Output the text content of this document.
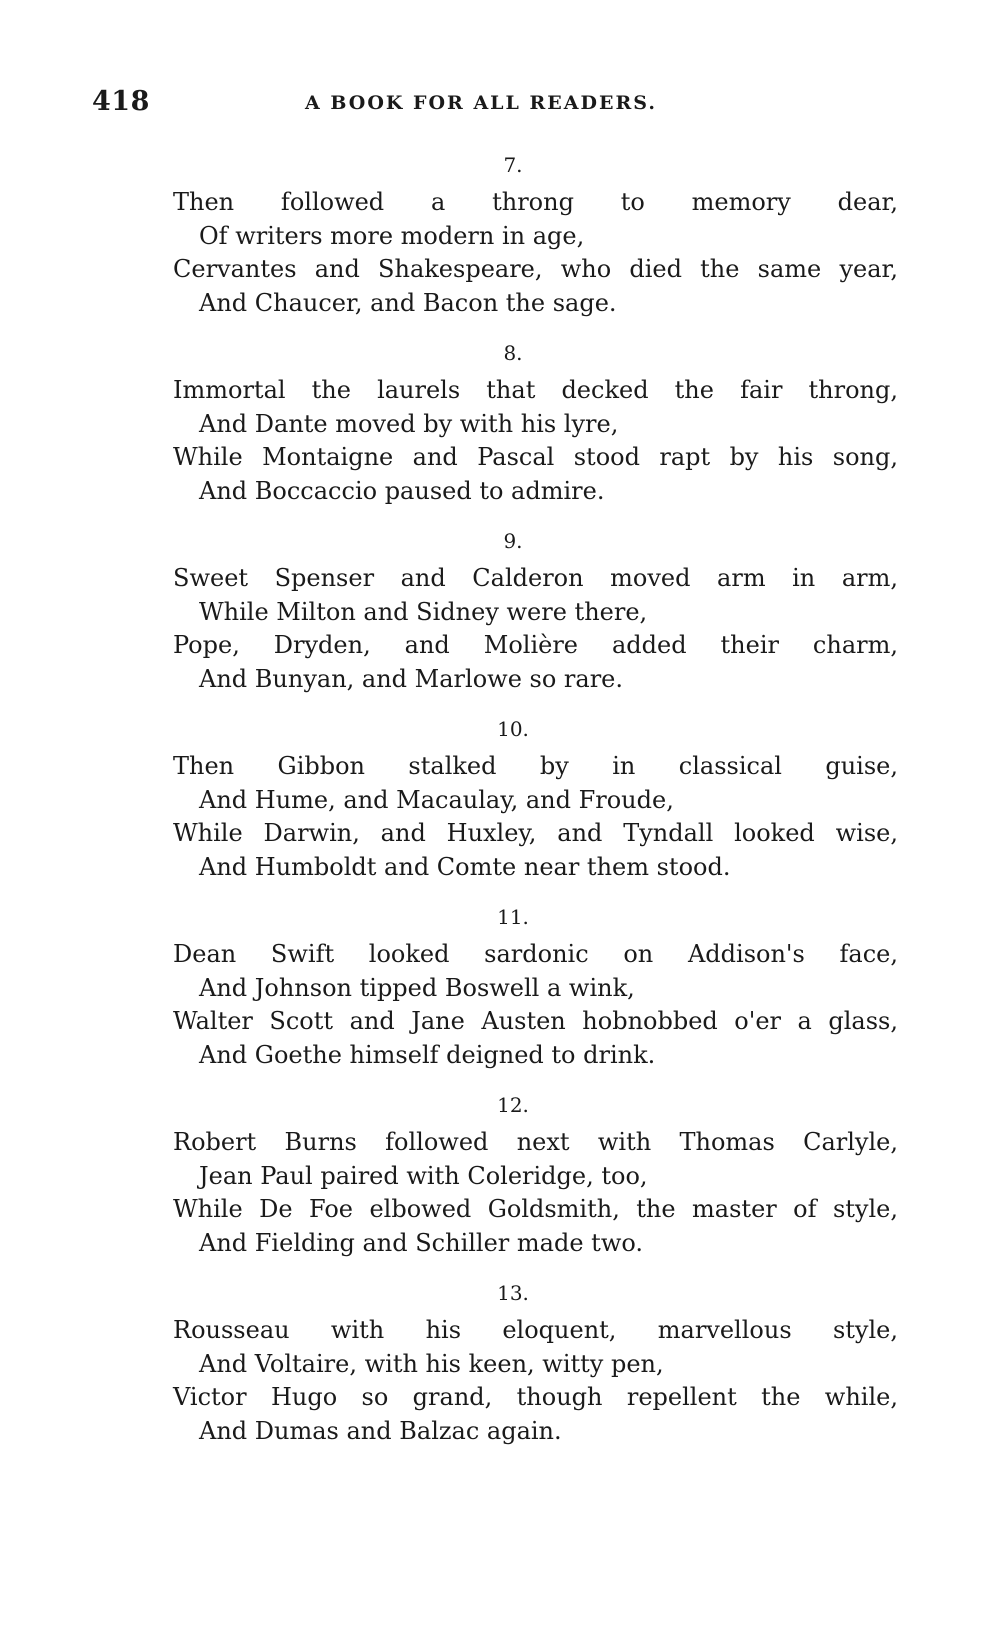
418	A BOOK FOR ALL READERS.
7.
Then followed a throng to memory dear,
Of writers more modern in age,
Cervantes and Shakespeare, who died the same year,
And Chaucer, and Bacon the sage.
8.
Immortal the laurels that decked the fair throng,
And Dante moved by with his lyre,
While Montaigne and Pascal stood rapt by his song,
And Boccaccio paused to admire.
9.
Sweet Spenser and Calderon moved arm in arm,
While Milton and Sidney were there,
Pope, Dryden, and Molière added their charm,
And Bunyan, and Marlowe so rare.
10.
Then Gibbon stalked by in classical guise,
And Hume, and Macaulay, and Froude,
While Darwin, and Huxley, and Tyndall looked wise,
And Humboldt and Comte near them stood.
11.
Dean Swift looked sardonic on Addison's face,
And Johnson tipped Boswell a wink,
Walter Scott and Jane Austen hobnobbed o'er a glass,
And Goethe himself deigned to drink.
12.
Robert Burns followed next with Thomas Carlyle,
Jean Paul paired with Coleridge, too,
While De Foe elbowed Goldsmith, the master of style,
And Fielding and Schiller made two.
13.
Rousseau with his eloquent, marvellous style,
And Voltaire, with his keen, witty pen,
Victor Hugo so grand, though repellent the while,
And Dumas and Balzac again.
